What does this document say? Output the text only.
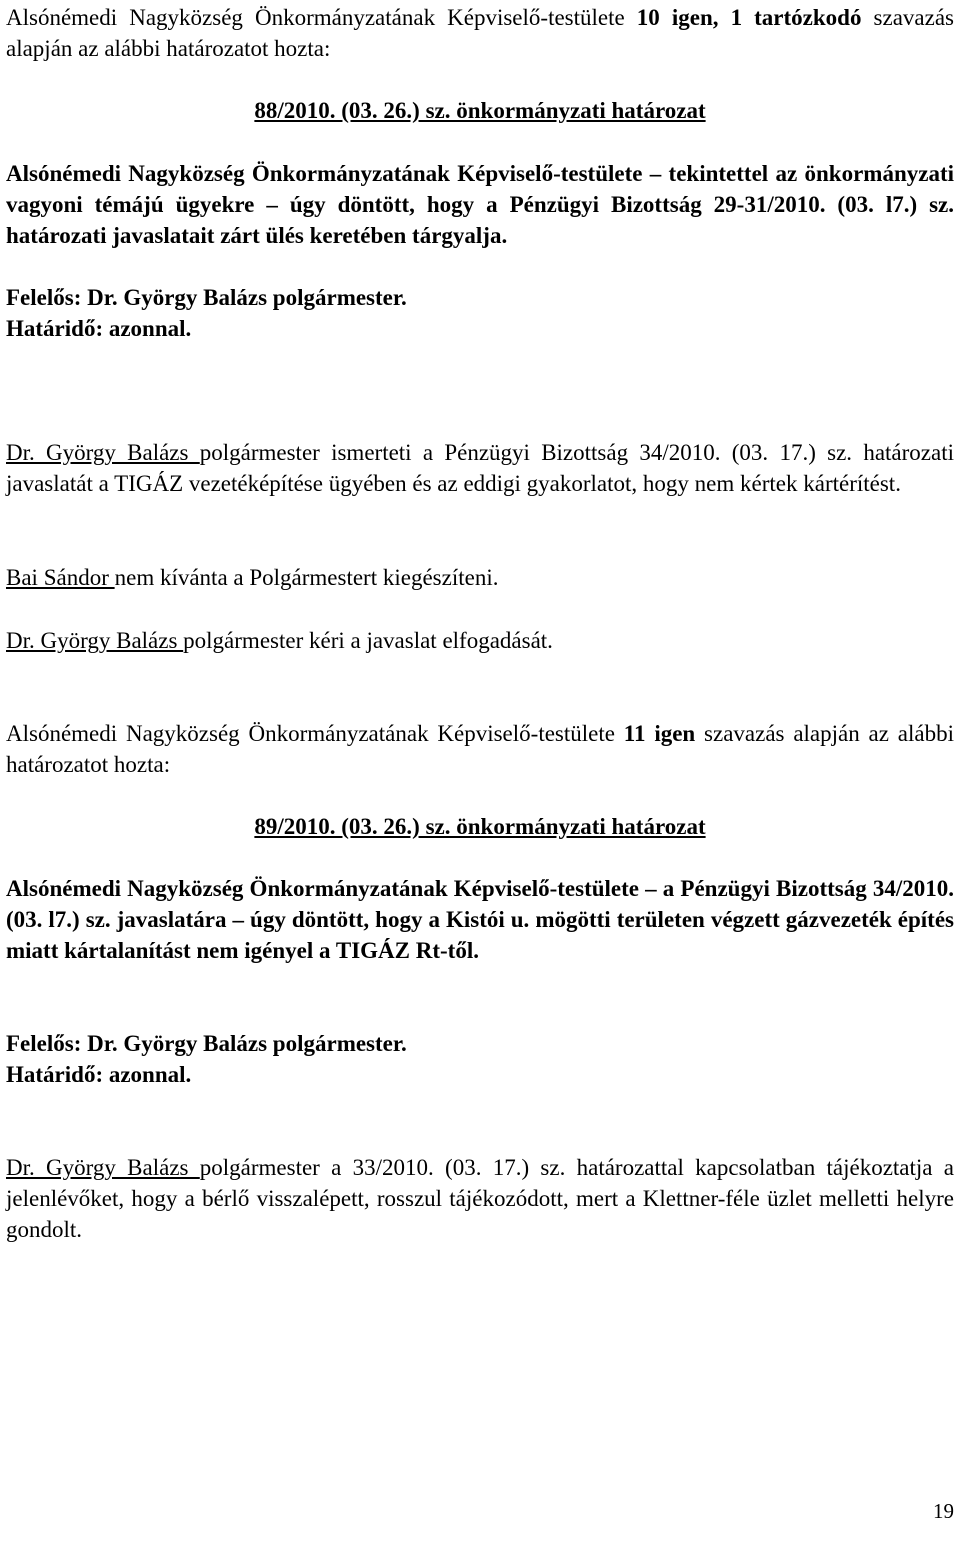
Alsónémedi Nagyközség Önkormányzatának Képviselő-testülete 10 igen, 1 tartózkodó szavazás alapján az alábbi határozatot hozta:

88/2010. (03. 26.) sz. önkormányzati határozat

Alsónémedi Nagyközség Önkormányzatának Képviselő-testülete – tekintettel az önkormányzati vagyoni témájú ügyekre – úgy döntött, hogy a Pénzügyi Bizottság 29-31/2010. (03. l7.) sz. határozati javaslatait zárt ülés keretében tárgyalja.

Felelős: Dr. György Balázs polgármester.

Határidő: azonnal.

Dr. György Balázs polgármester ismerteti a Pénzügyi Bizottság 34/2010. (03. 17.) sz. határozati javaslatát a TIGÁZ vezetéképítése ügyében és az eddigi gyakorlatot, hogy nem kértek kártérítést.

Bai Sándor nem kívánta a Polgármestert kiegészíteni.

Dr. György Balázs polgármester kéri a javaslat elfogadását.

Alsónémedi Nagyközség Önkormányzatának Képviselő-testülete 11 igen szavazás alapján az alábbi határozatot hozta:

89/2010. (03. 26.) sz. önkormányzati határozat

Alsónémedi Nagyközség Önkormányzatának Képviselő-testülete – a Pénzügyi Bizottság 34/2010. (03. l7.) sz. javaslatára – úgy döntött, hogy a Kistói u. mögötti területen végzett gázvezeték építés miatt kártalanítást nem igényel a TIGÁZ Rt-től.

Felelős: Dr. György Balázs polgármester.

Határidő: azonnal.

Dr. György Balázs polgármester a 33/2010. (03. 17.) sz. határozattal kapcsolatban tájékoztatja a jelenlévőket, hogy a bérlő visszalépett, rosszul tájékozódott, mert a Klettner-féle üzlet melletti helyre gondolt.

19
